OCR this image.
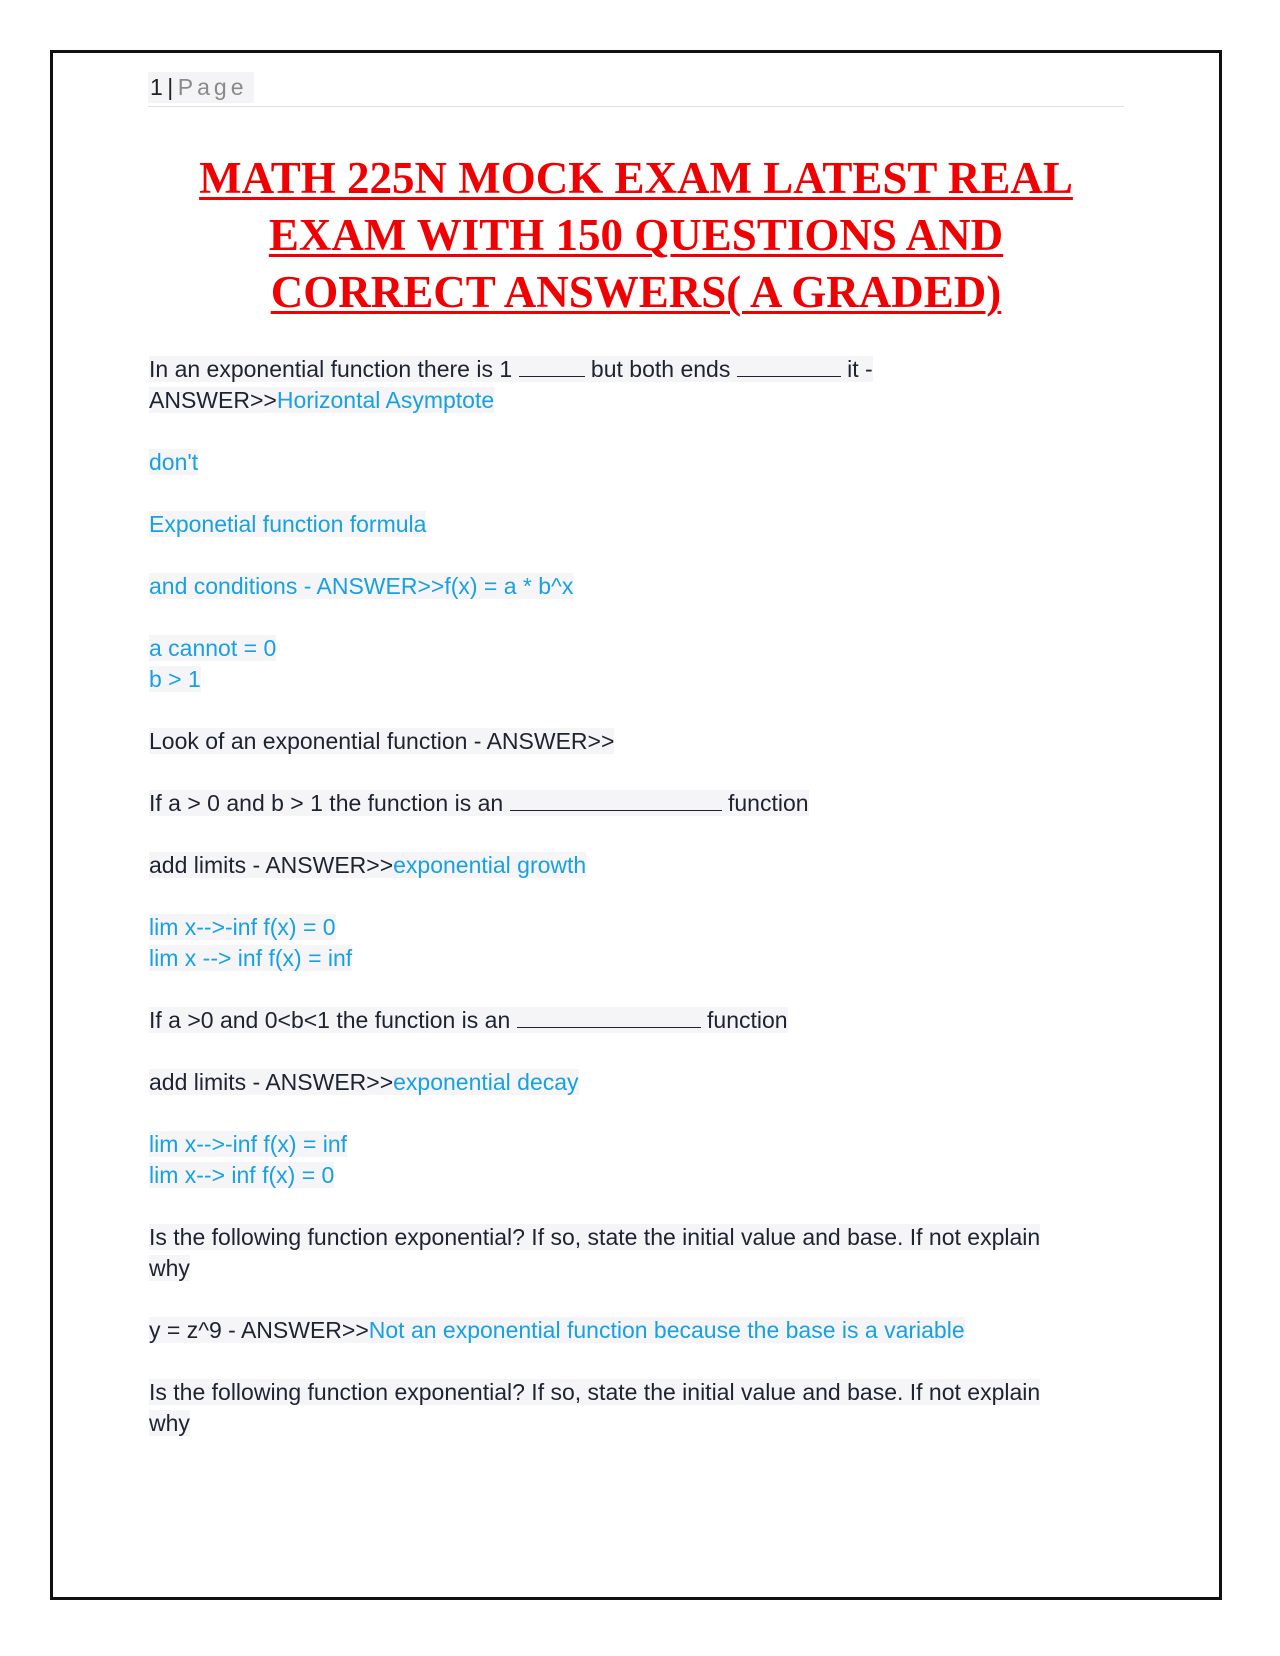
1 | Page
MATH 225N MOCK EXAM LATEST REAL
EXAM WITH 150 QUESTIONS AND
CORRECT ANSWERS( A GRADED)
In an exponential function there is 1	but both ends	it -
ANSWER>>Horizontal Asymptote
don't
Exponetial function formula
and conditions - ANSWER>>f(x) = a * b^x
a cannot = 0
b > 1
Look of an exponential function - ANSWER>>
If a > 0 and b > 1 the function is an	function
add limits - ANSWER>>exponential growth
lim x-->-inf f(x) = 0
lim x --> inf f(x) = inf
If a >0 and 0<b<1 the function is an	function
add limits - ANSWER>>exponential decay
lim x-->-inf f(x) = inf
lim x--> inf f(x) = 0
Is the following function exponential? If so, state the initial value and base. If not explain
why
y = z^9 - ANSWER>>Not an exponential function because the base is a variable
Is the following function exponential? If so, state the initial value and base. If not explain
why
